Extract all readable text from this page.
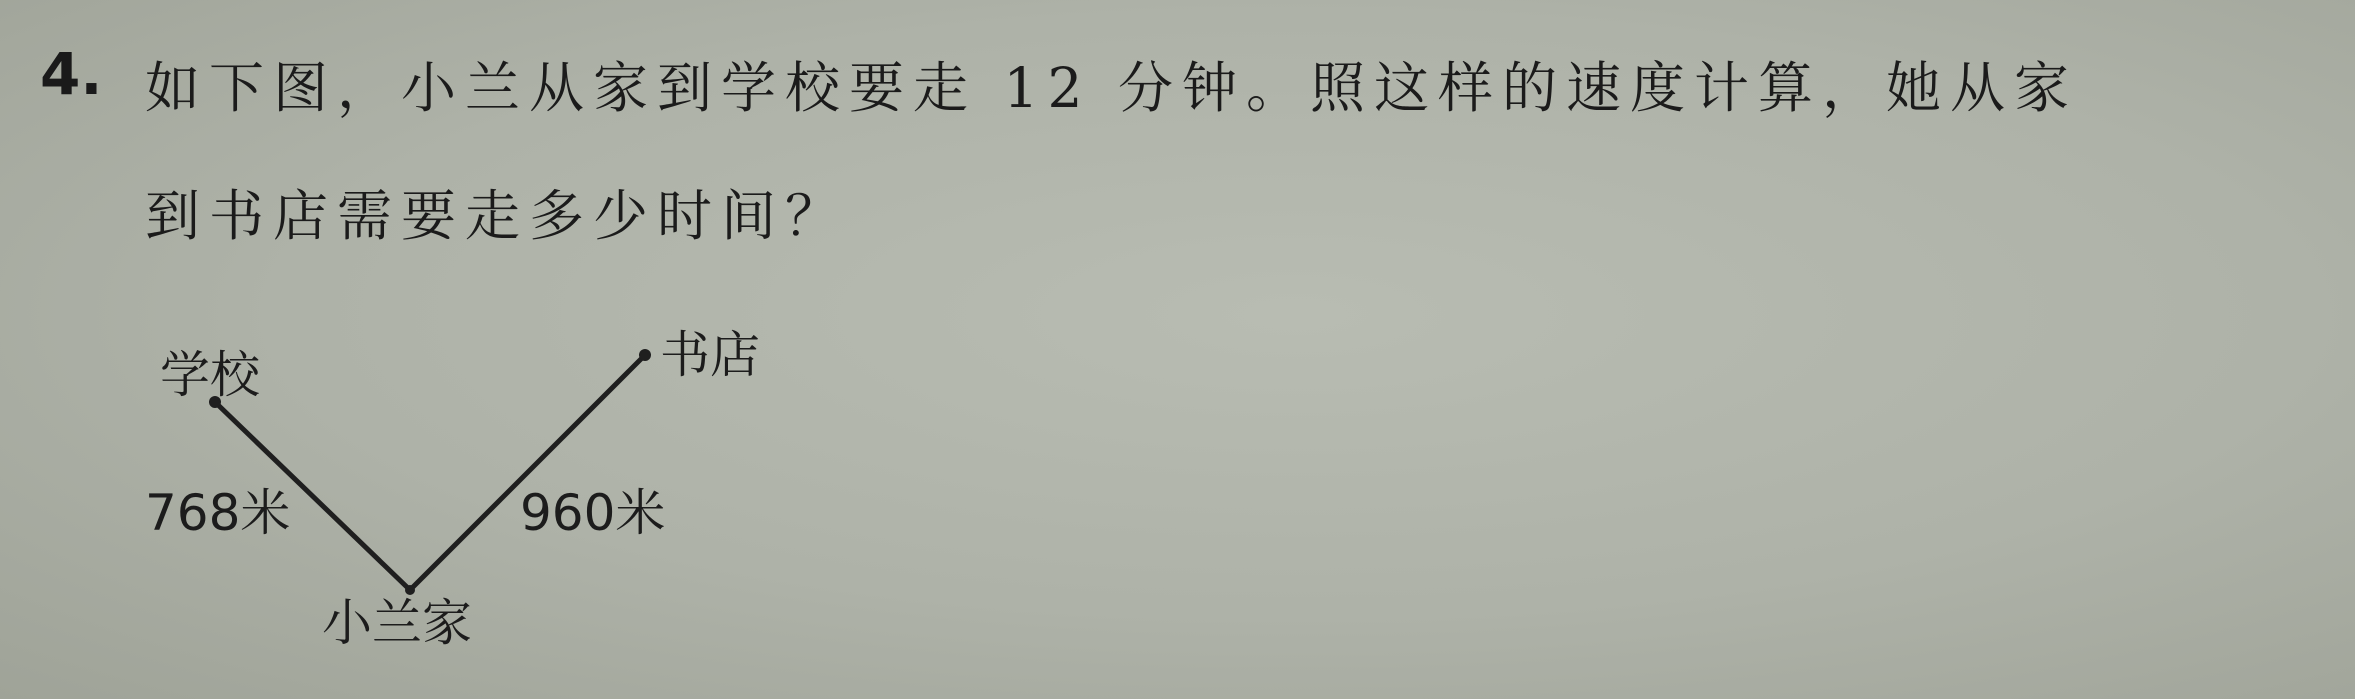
4. 如下图，小兰从家到学校要走 12 分钟。照这样的速度计算，她从家
到书店需要走多少时间？
学校	书店
小兰家
768米	960米
